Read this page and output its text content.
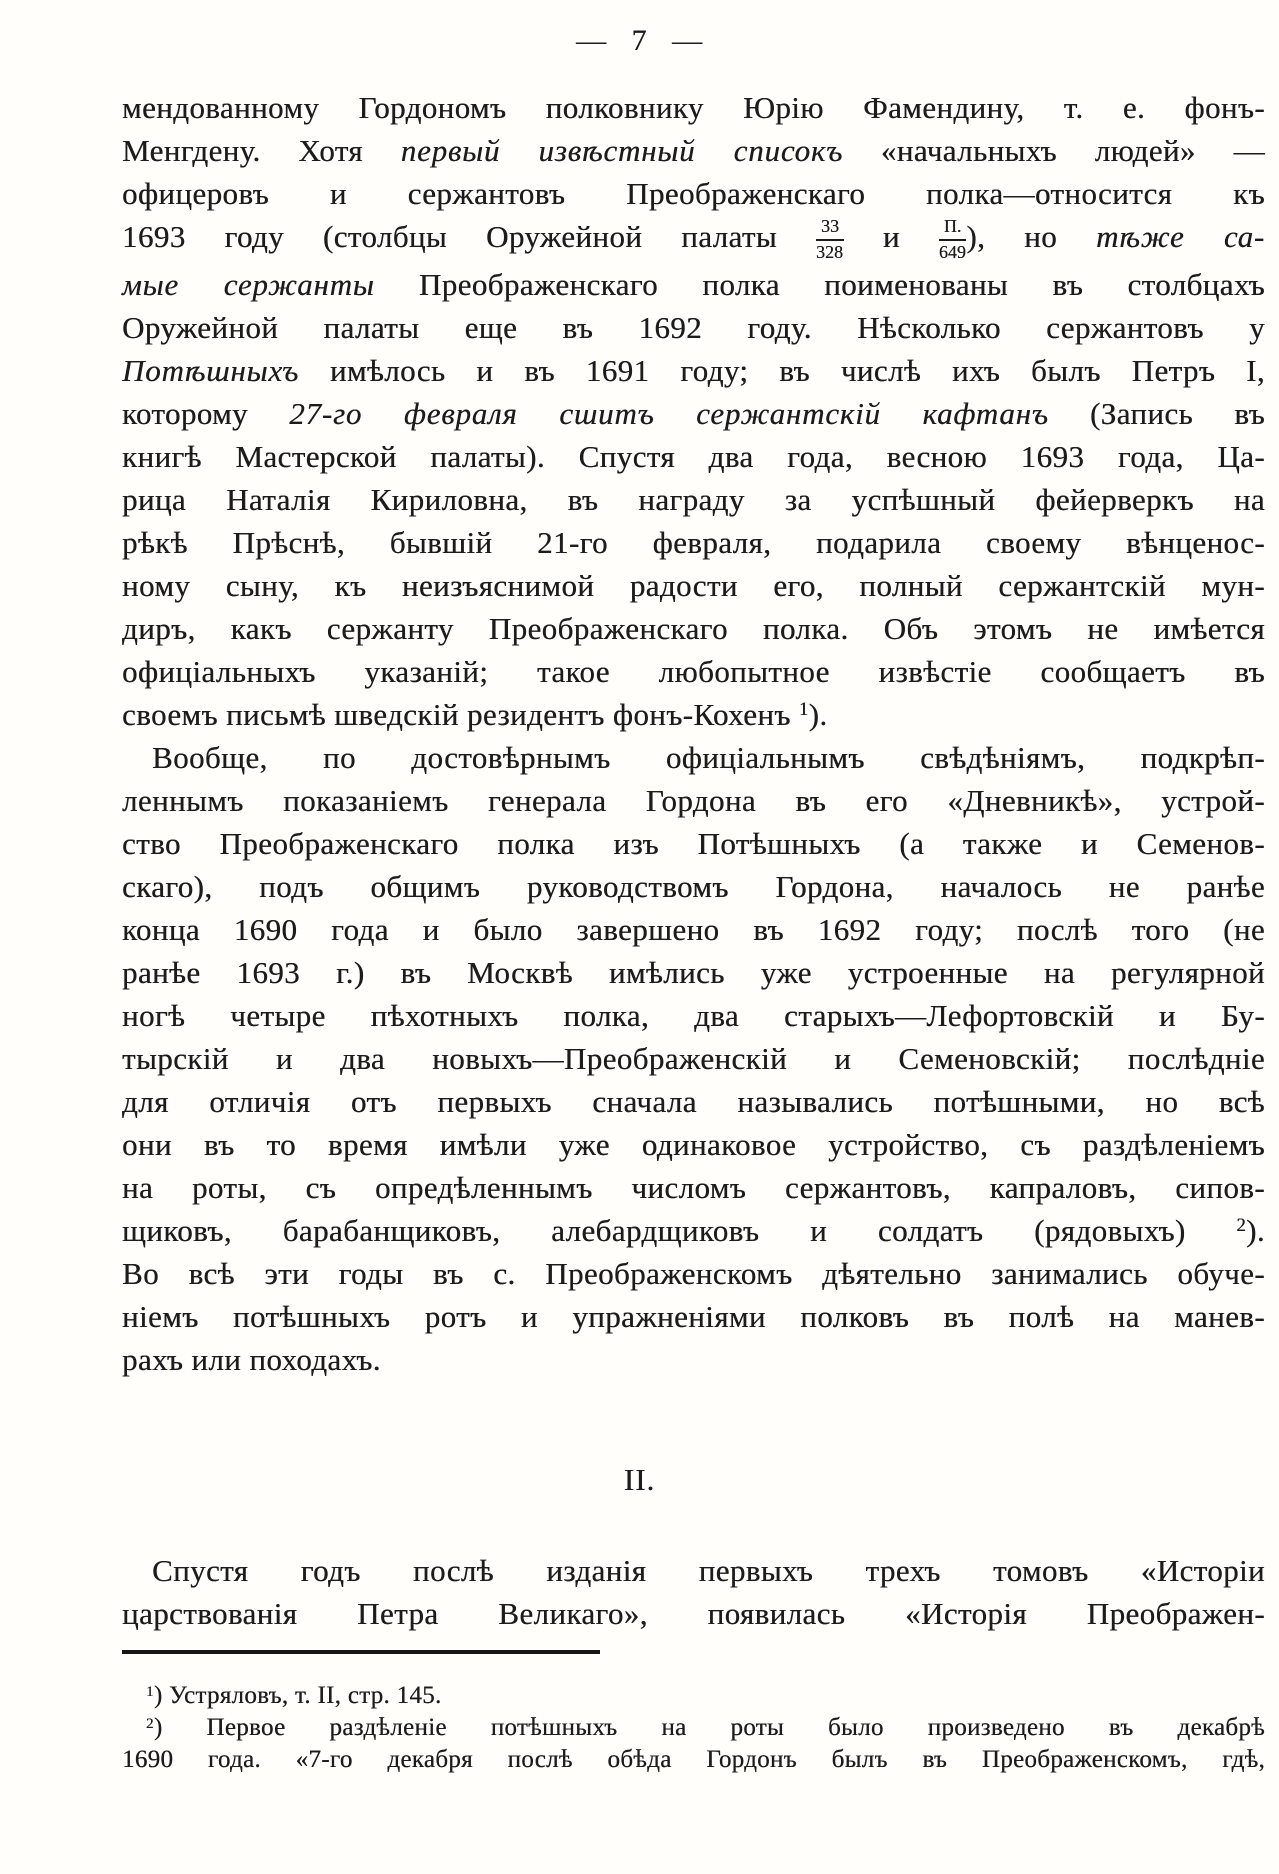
— 7 —
мендованному Гордономъ полковнику Юрію Фамендину, т. е. фонъ-
Менгдену. Хотя первый извѣстный списокъ «начальныхъ людей» —
офицеровъ и сержантовъ Преображенскаго полка—относится къ
1693 году (столбцы Оружейной палаты $\frac{33}{328}$ и $\frac{П.}{649}$ ), но тѣже са-
мые сержанты Преображенскаго полка поименованы въ столбцахъ
Оружейной палаты еще въ 1692 году. Нѣсколько сержантовъ у
Потѣшныхъ имѣлось и въ 1691 году; въ числѣ ихъ былъ Петръ I,
которому 27-го февраля сшитъ сержантскій кафтанъ (Запись въ
книгѣ Мастерской палаты). Спустя два года, весною 1693 года, Ца-
рица Наталія Кириловна, въ награду за успѣшный фейерверкъ на
рѣкѣ Прѣснѣ, бывшій 21-го февраля, подарила своему вѣнценос-
ному сыну, къ неизъяснимой радости его, полный сержантскій мун-
диръ, какъ сержанту Преображенскаго полка. Объ этомъ не имѣется
офиціальныхъ указаній; такое любопытное извѣстіе сообщаетъ въ
своемъ письмѣ шведскій резидентъ фонъ-Кохенъ $^1$).
Вообще, по достовѣрнымъ офиціальнымъ свѣдѣніямъ, подкрѣп-
леннымъ показаніемъ генерала Гордона въ его «Дневникѣ», устрой-
ство Преображенскаго полка изъ Потѣшныхъ (а также и Семенов-
скаго), подъ общимъ руководствомъ Гордона, началось не ранѣе
конца 1690 года и было завершено въ 1692 году; послѣ того (не
ранѣе 1693 г.) въ Москвѣ имѣлись уже устроенные на регулярной
ногѣ четыре пѣхотныхъ полка, два старыхъ—Лефортовскій и Бу-
тырскій и два новыхъ—Преображенскій и Семеновскій; послѣдніе
для отличія отъ первыхъ сначала назывались потѣшными, но всѣ
они въ то время имѣли уже одинаковое устройство, съ раздѣленіемъ
на роты, съ опредѣленнымъ числомъ сержантовъ, капраловъ, сипов-
щиковъ, барабанщиковъ, алебардщиковъ и солдатъ (рядовыхъ) $^2$).
Во всѣ эти годы въ с. Преображенскомъ дѣятельно занимались обуче-
ніемъ потѣшныхъ ротъ и упражненіями полковъ въ полѣ на манев-
рахъ или походахъ.
II.
Спустя годъ послѣ изданія первыхъ трехъ томовъ «Исторіи
царствованія Петра Великаго», появилась «Исторія Преображен-
$^1$) Устряловъ, т. II, стр. 145.
$^2$) Первое раздѣленіе потѣшныхъ на роты было произведено въ декабрѣ
1690 года. «7-го декабря послѣ обѣда Гордонъ былъ въ Преображенскомъ, гдѣ,
